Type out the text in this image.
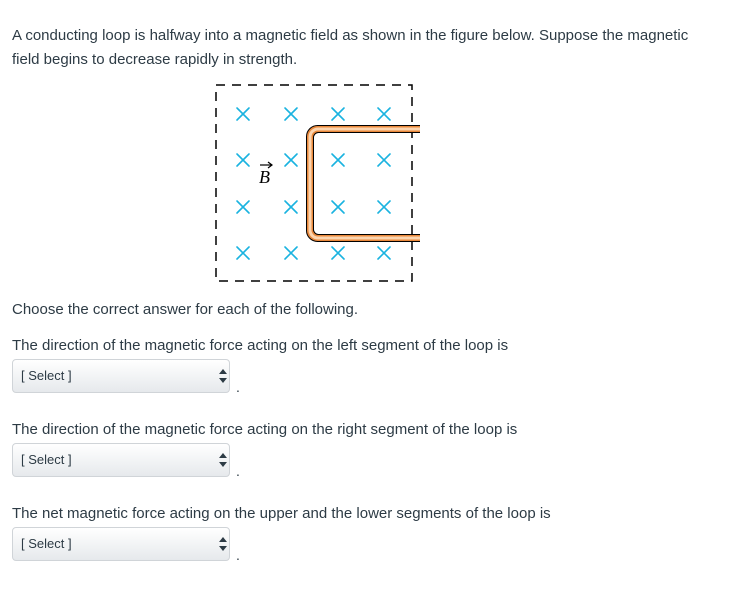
A conducting loop is halfway into a magnetic field as shown in the figure below. Suppose the magnetic field begins to decrease rapidly in strength.

B

Choose the correct answer for each of the following.

The direction of the magnetic force acting on the left segment of the loop is

[ Select ]
.

The direction of the magnetic force acting on the right segment of the loop is

[ Select ]
.

The net magnetic force acting on the upper and the lower segments of the loop is

[ Select ]
.
